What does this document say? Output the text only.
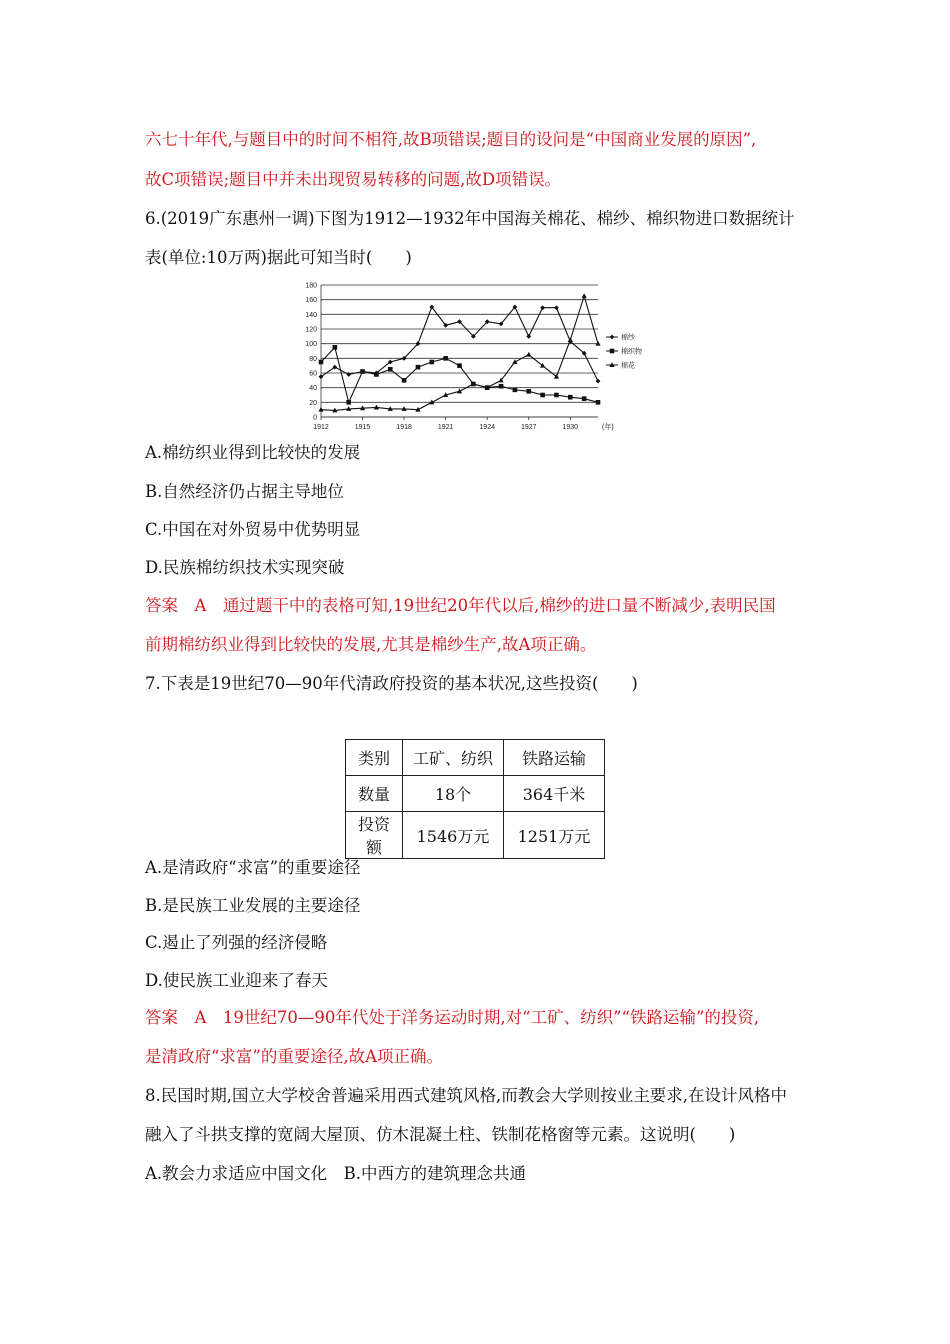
六七十年代,与题目中的时间不相符,故B项错误;题目的设问是“中国商业发展的原因”,
故C项错误;题目中并未出现贸易转移的问题,故D项错误。
6.(2019广东惠州一调)下图为1912—1932年中国海关棉花、棉纱、棉织物进口数据统计
表(单位:10万两)据此可知当时(　　)
0
20
40
60
80
100
120
140
160
180
1912	1915	1918	1921	1924	1927	1930	(年)
棉纱
棉织物
棉花
A.棉纺织业得到比较快的发展
B.自然经济仍占据主导地位
C.中国在对外贸易中优势明显
D.民族棉纺织技术实现突破
答案　A　通过题干中的表格可知,19世纪20年代以后,棉纱的进口量不断减少,表明民国
前期棉纺织业得到比较快的发展,尤其是棉纱生产,故A项正确。
7.下表是19世纪70—90年代清政府投资的基本状况,这些投资(　　)
类别	工矿、纺织	铁路运输
数量	18个	364千米
投资额	1546万元	1251万元
A.是清政府“求富”的重要途径
B.是民族工业发展的主要途径
C.遏止了列强的经济侵略
D.使民族工业迎来了春天
答案　A　19世纪70—90年代处于洋务运动时期,对“工矿、纺织”“铁路运输”的投资,
是清政府“求富”的重要途径,故A项正确。
8.民国时期,国立大学校舍普遍采用西式建筑风格,而教会大学则按业主要求,在设计风格中
融入了斗拱支撑的宽阔大屋顶、仿木混凝土柱、铁制花格窗等元素。这说明(　　)
A.教会力求适应中国文化　B.中西方的建筑理念共通
